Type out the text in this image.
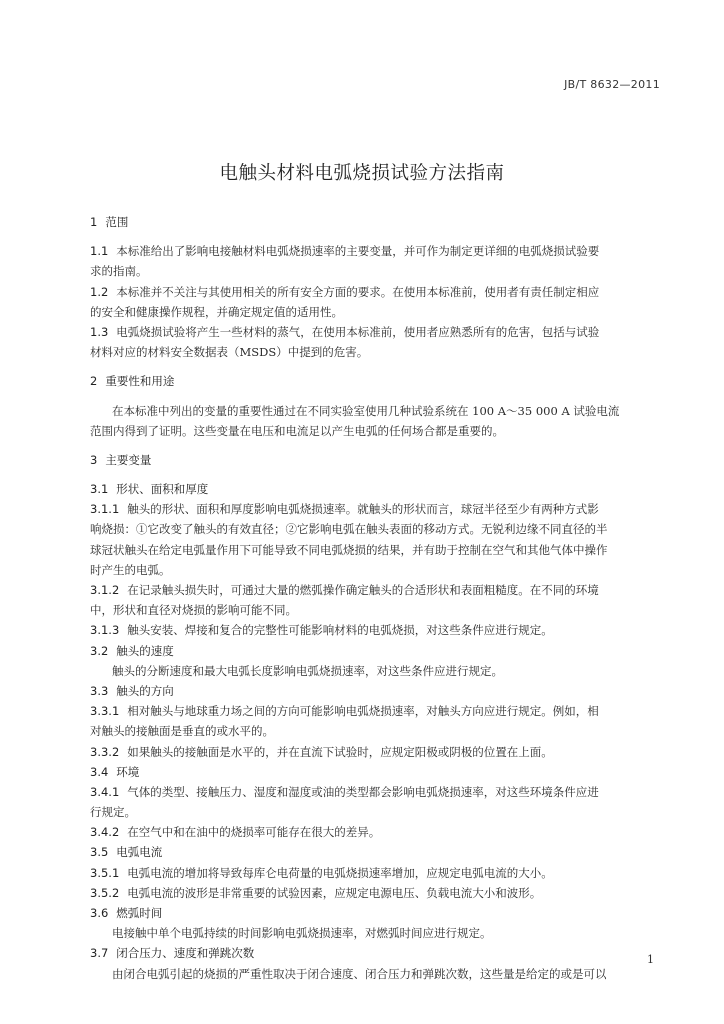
JB/T 8632—2011
电触头材料电弧烧损试验方法指南
1 范围
1.1 本标准给出了影响电接触材料电弧烧损速率的主要变量，并可作为制定更详细的电弧烧损试验要
求的指南。
1.2 本标准并不关注与其使用相关的所有安全方面的要求。在使用本标准前，使用者有责任制定相应
的安全和健康操作规程，并确定规定值的适用性。
1.3 电弧烧损试验将产生一些材料的蒸气，在使用本标准前，使用者应熟悉所有的危害，包括与试验
材料对应的材料安全数据表（MSDS）中提到的危害。
2 重要性和用途
在本标准中列出的变量的重要性通过在不同实验室使用几种试验系统在 100 A～35 000 A 试验电流
范围内得到了证明。这些变量在电压和电流足以产生电弧的任何场合都是重要的。
3 主要变量
3.1 形状、面积和厚度
3.1.1 触头的形状、面积和厚度影响电弧烧损速率。就触头的形状而言，球冠半径至少有两种方式影
响烧损：①它改变了触头的有效直径；②它影响电弧在触头表面的移动方式。无锐利边缘不同直径的半
球冠状触头在给定电弧量作用下可能导致不同电弧烧损的结果，并有助于控制在空气和其他气体中操作
时产生的电弧。
3.1.2 在记录触头损失时，可通过大量的燃弧操作确定触头的合适形状和表面粗糙度。在不同的环境
中，形状和直径对烧损的影响可能不同。
3.1.3 触头安装、焊接和复合的完整性可能影响材料的电弧烧损，对这些条件应进行规定。
3.2 触头的速度
触头的分断速度和最大电弧长度影响电弧烧损速率，对这些条件应进行规定。
3.3 触头的方向
3.3.1 相对触头与地球重力场之间的方向可能影响电弧烧损速率，对触头方向应进行规定。例如，相
对触头的接触面是垂直的或水平的。
3.3.2 如果触头的接触面是水平的，并在直流下试验时，应规定阳极或阴极的位置在上面。
3.4 环境
3.4.1 气体的类型、接触压力、湿度和湿度或油的类型都会影响电弧烧损速率，对这些环境条件应进
行规定。
3.4.2 在空气中和在油中的烧损率可能存在很大的差异。
3.5 电弧电流
3.5.1 电弧电流的增加将导致每库仑电荷量的电弧烧损速率增加，应规定电弧电流的大小。
3.5.2 电弧电流的波形是非常重要的试验因素，应规定电源电压、负载电流大小和波形。
3.6 燃弧时间
电接触中单个电弧持续的时间影响电弧烧损速率，对燃弧时间应进行规定。
3.7 闭合压力、速度和弹跳次数
由闭合电弧引起的烧损的严重性取决于闭合速度、闭合压力和弹跳次数，这些量是给定的或是可以
1
